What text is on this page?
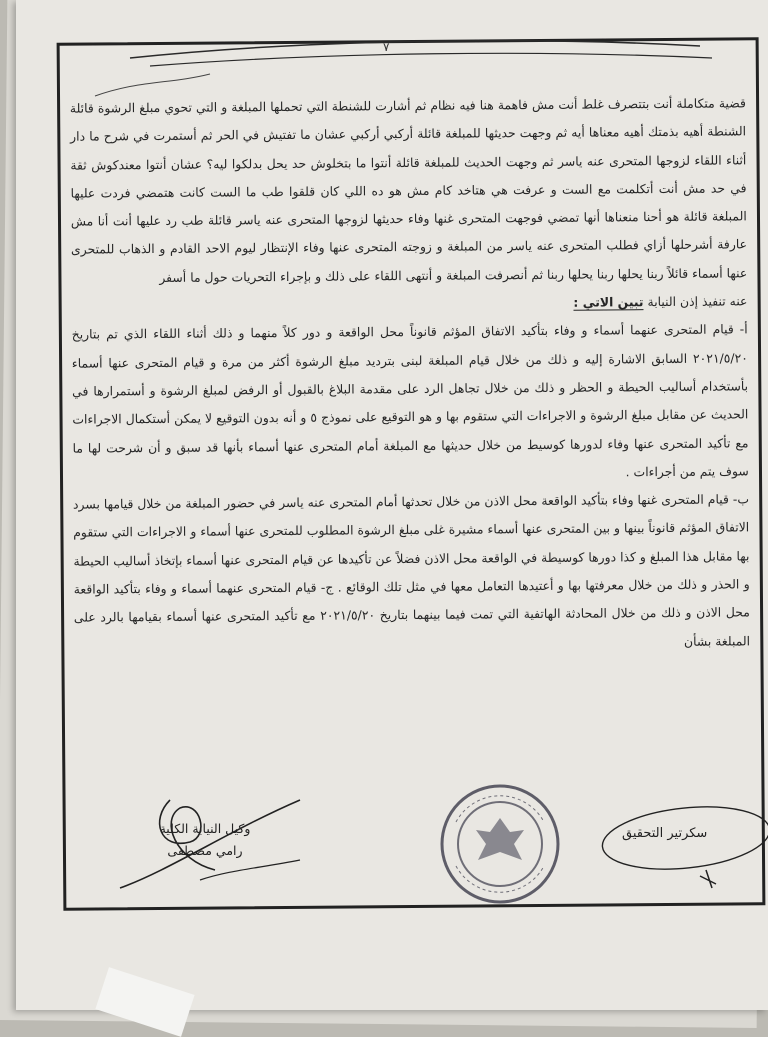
٧

قضية متكاملة أنت بتتصرف غلط أنت مش فاهمة هنا فيه نظام ثم أشارت للشنطة التي تحملها المبلغة و التي تحوي مبلغ الرشوة قائلة الشنطة أهيه بذمتك أهيه معناها أيه ثم وجهت حديثها للمبلغة قائلة أركبي أركبي عشان ما تفتيش في الحر ثم أستمرت في شرح ما دار أثناء اللقاء لزوجها المتحرى عنه ياسر ثم وجهت الحديث للمبلغة قائلة أنتوا ما بتخلوش حد يحل بدلكوا ليه؟ عشان أنتوا معندكوش ثقة في حد مش أنت أتكلمت مع الست و عرفت هي هتاخد كام مش هو ده اللي كان قلقوا طب ما الست كانت هتمضي فردت عليها المبلغة قائلة هو أحنا منعناها أنها تمضي فوجهت المتحرى غنها وفاء حديثها لزوجها المتحرى عنه ياسر قائلة طب رد عليها أنت أنا مش عارفة أشرحلها أزاي فطلب المتحرى عنه ياسر من المبلغة و زوجته المتحرى عنها وفاء الإنتظار ليوم الاحد القادم و الذهاب للمتحرى عنها أسماء قائلاً ربنا يحلها ربنا يحلها ربنا ثم أنصرفت المبلغة و أنتهى اللقاء على ذلك و بإجراء التحريات حول ما أسفر

عنه تنفيذ إذن النيابة تبين الاتي :

أ- قيام المتحرى عنهما أسماء و وفاء بتأكيد الاتفاق المؤثم قانوناً محل الواقعة و دور كلاً منهما و ذلك أثناء اللقاء الذي تم بتاريخ ٢٠٢١/٥/٢٠ السابق الاشارة إليه و ذلك من خلال قيام المبلغة لبنى بترديد مبلغ الرشوة أكثر من مرة و قيام المتحرى عنها أسماء بأستخدام أساليب الحيطة و الحظر و ذلك من خلال تجاهل الرد على مقدمة البلاغ بالقبول أو الرفض لمبلغ الرشوة و أستمرارها في الحديث عن مقابل مبلغ الرشوة و الاجراءات التي ستقوم بها و هو التوقيع على نموذج ٥ و أنه بدون التوقيع لا يمكن أستكمال الاجراءات مع تأكيد المتحرى عنها وفاء لدورها كوسيط من خلال حديثها مع المبلغة أمام المتحرى عنها أسماء بأنها قد سبق و أن شرحت لها ما سوف يتم من أجراءات .

ب- قيام المتحرى غنها وفاء بتأكيد الواقعة محل الاذن من خلال تحدثها أمام المتحرى عنه ياسر في حضور المبلغة من خلال قيامها بسرد الاتفاق المؤثم قانوناً بينها و بين المتحرى عنها أسماء مشيرة غلى مبلغ الرشوة المطلوب للمتحرى عنها أسماء و الاجراءات التي ستقوم بها مقابل هذا المبلغ و كذا دورها كوسيطة في الواقعة محل الاذن فضلاً عن تأكيدها عن قيام المتحرى عنها أسماء بإتخاذ أساليب الحيطة و الحذر و ذلك من خلال معرفتها بها و أعتيدها التعامل معها في مثل تلك الوقائع . ج- قيام المتحرى عنهما أسماء و وفاء بتأكيد الواقعة محل الاذن و ذلك من خلال المحادثة الهاتفية التي تمت فيما بينهما بتاريخ ٢٠٢١/٥/٢٠ مع تأكيد المتحرى عنها أسماء بقيامها بالرد على المبلغة بشأن

سكرتير التحقيق
وكيل النيابة الكلية
رامي مصطفى
